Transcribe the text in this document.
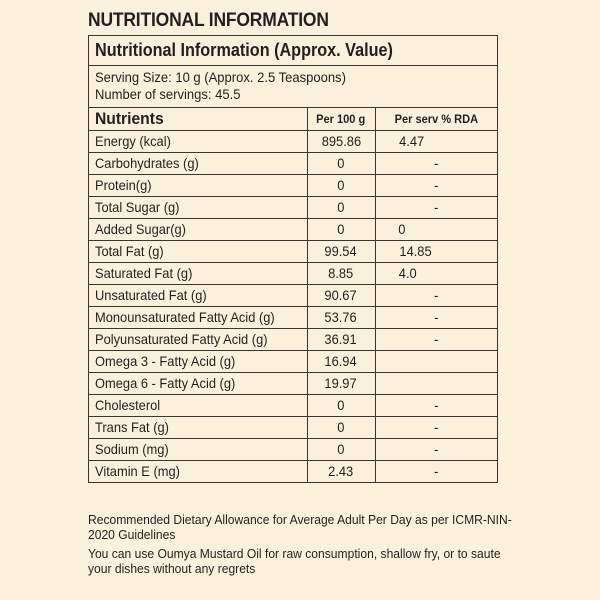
NUTRITIONAL INFORMATION
Nutritional Information (Approx. Value)
Serving Size: 10 g (Approx. 2.5 Teaspoons)
Number of servings: 45.5
Nutrients	Per 100 g	Per serv % RDA
Energy (kcal)	895.86	4.47
Carbohydrates (g)	0	-
Protein(g)	0	-
Total Sugar (g)	0	-
Added Sugar(g)	0	0
Total Fat (g)	99.54	14.85
Saturated Fat (g)	8.85	4.0
Unsaturated Fat (g)	90.67	-
Monounsaturated Fatty Acid (g)	53.76	-
Polyunsaturated Fatty Acid (g)	36.91	-
Omega 3 - Fatty Acid (g)	16.94	
Omega 6 - Fatty Acid (g)	19.97	
Cholesterol	0	-
Trans Fat (g)	0	-
Sodium (mg)	0	-
Vitamin E (mg)	2.43	-

Recommended Dietary Allowance for Average Adult Per Day as per ICMR-NIN-2020 Guidelines

You can use Oumya Mustard Oil for raw consumption, shallow fry, or to saute your dishes without any regrets
